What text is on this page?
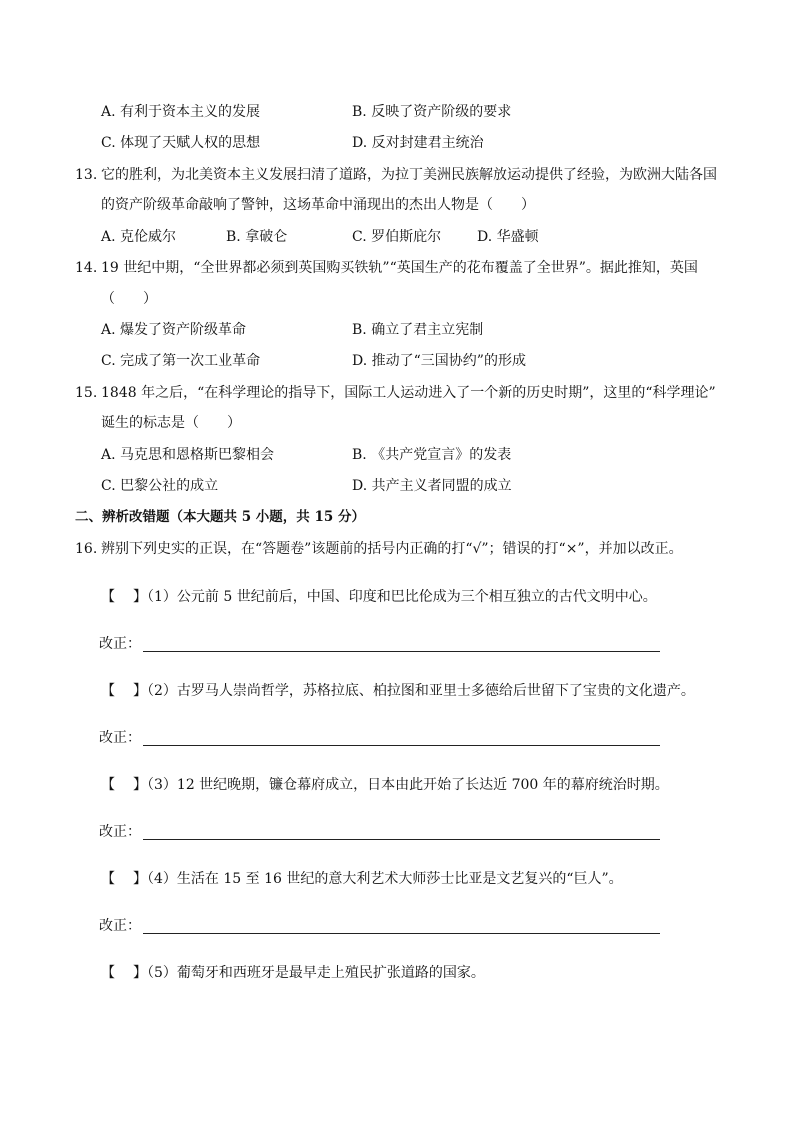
A. 有利于资本主义的发展	B. 反映了资产阶级的要求
C. 体现了天赋人权的思想	D. 反对封建君主统治
13. 它的胜利，为北美资本主义发展扫清了道路，为拉丁美洲民族解放运动提供了经验，为欧洲大陆各国
的资产阶级革命敲响了警钟，这场革命中涌现出的杰出人物是（　　）
A. 克伦威尔	B. 拿破仑	C. 罗伯斯庇尔	D. 华盛顿
14. 19 世纪中期，“全世界都必须到英国购买铁轨”“英国生产的花布覆盖了全世界”。据此推知，英国
（　　）
A. 爆发了资产阶级革命	B. 确立了君主立宪制
C. 完成了第一次工业革命	D. 推动了“三国协约”的形成
15. 1848 年之后，“在科学理论的指导下，国际工人运动进入了一个新的历史时期”，这里的“科学理论”
诞生的标志是（　　）
A. 马克思和恩格斯巴黎相会	B. 《共产党宣言》的发表
C. 巴黎公社的成立	D. 共产主义者同盟的成立
二、辨析改错题（本大题共 5 小题，共 15 分）
16. 辨别下列史实的正误，在“答题卷”该题前的括号内正确的打“√”；错误的打“×”，并加以改正。
【 】（1）公元前 5 世纪前后，中国、印度和巴比伦成为三个相互独立的古代文明中心。
改正：
【 】（2）古罗马人崇尚哲学，苏格拉底、柏拉图和亚里士多德给后世留下了宝贵的文化遗产。
改正：
【 】（3）12 世纪晚期，镰仓幕府成立，日本由此开始了长达近 700 年的幕府统治时期。
改正：
【 】（4）生活在 15 至 16 世纪的意大利艺术大师莎士比亚是文艺复兴的“巨人”。
改正：
【 】（5）葡萄牙和西班牙是最早走上殖民扩张道路的国家。
